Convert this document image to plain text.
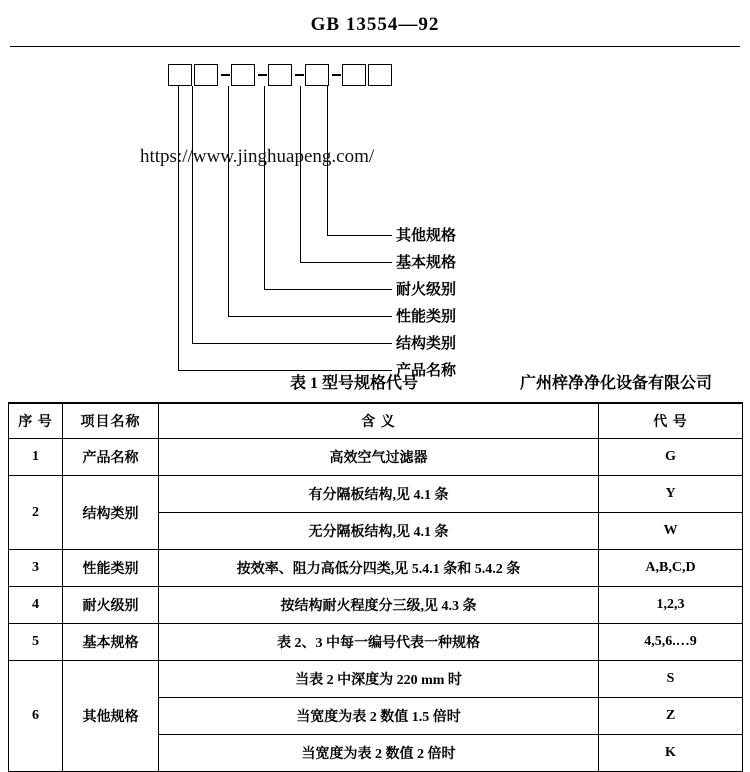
GB 13554—92
其他规格
基本规格
耐火级别
性能类别
结构类别
产品名称
https://www.jinghuapeng.com/
表 1 型号规格代号	广州梓净净化设备有限公司
序 号	项目名称	含 义	代 号
1	产品名称	高效空气过滤器	G
2	结构类别	有分隔板结构,见 4.1 条	Y
		无分隔板结构,见 4.1 条	W
3	性能类别	按效率、阻力高低分四类,见 5.4.1 条和 5.4.2 条	A,B,C,D
4	耐火级别	按结构耐火程度分三级,见 4.3 条	1,2,3
5	基本规格	表 2、3 中每一编号代表一种规格	4,5,6.…9
6	其他规格	当表 2 中深度为 220 mm 时	S
		当宽度为表 2 数值 1.5 倍时	Z
		当宽度为表 2 数值 2 倍时	K
